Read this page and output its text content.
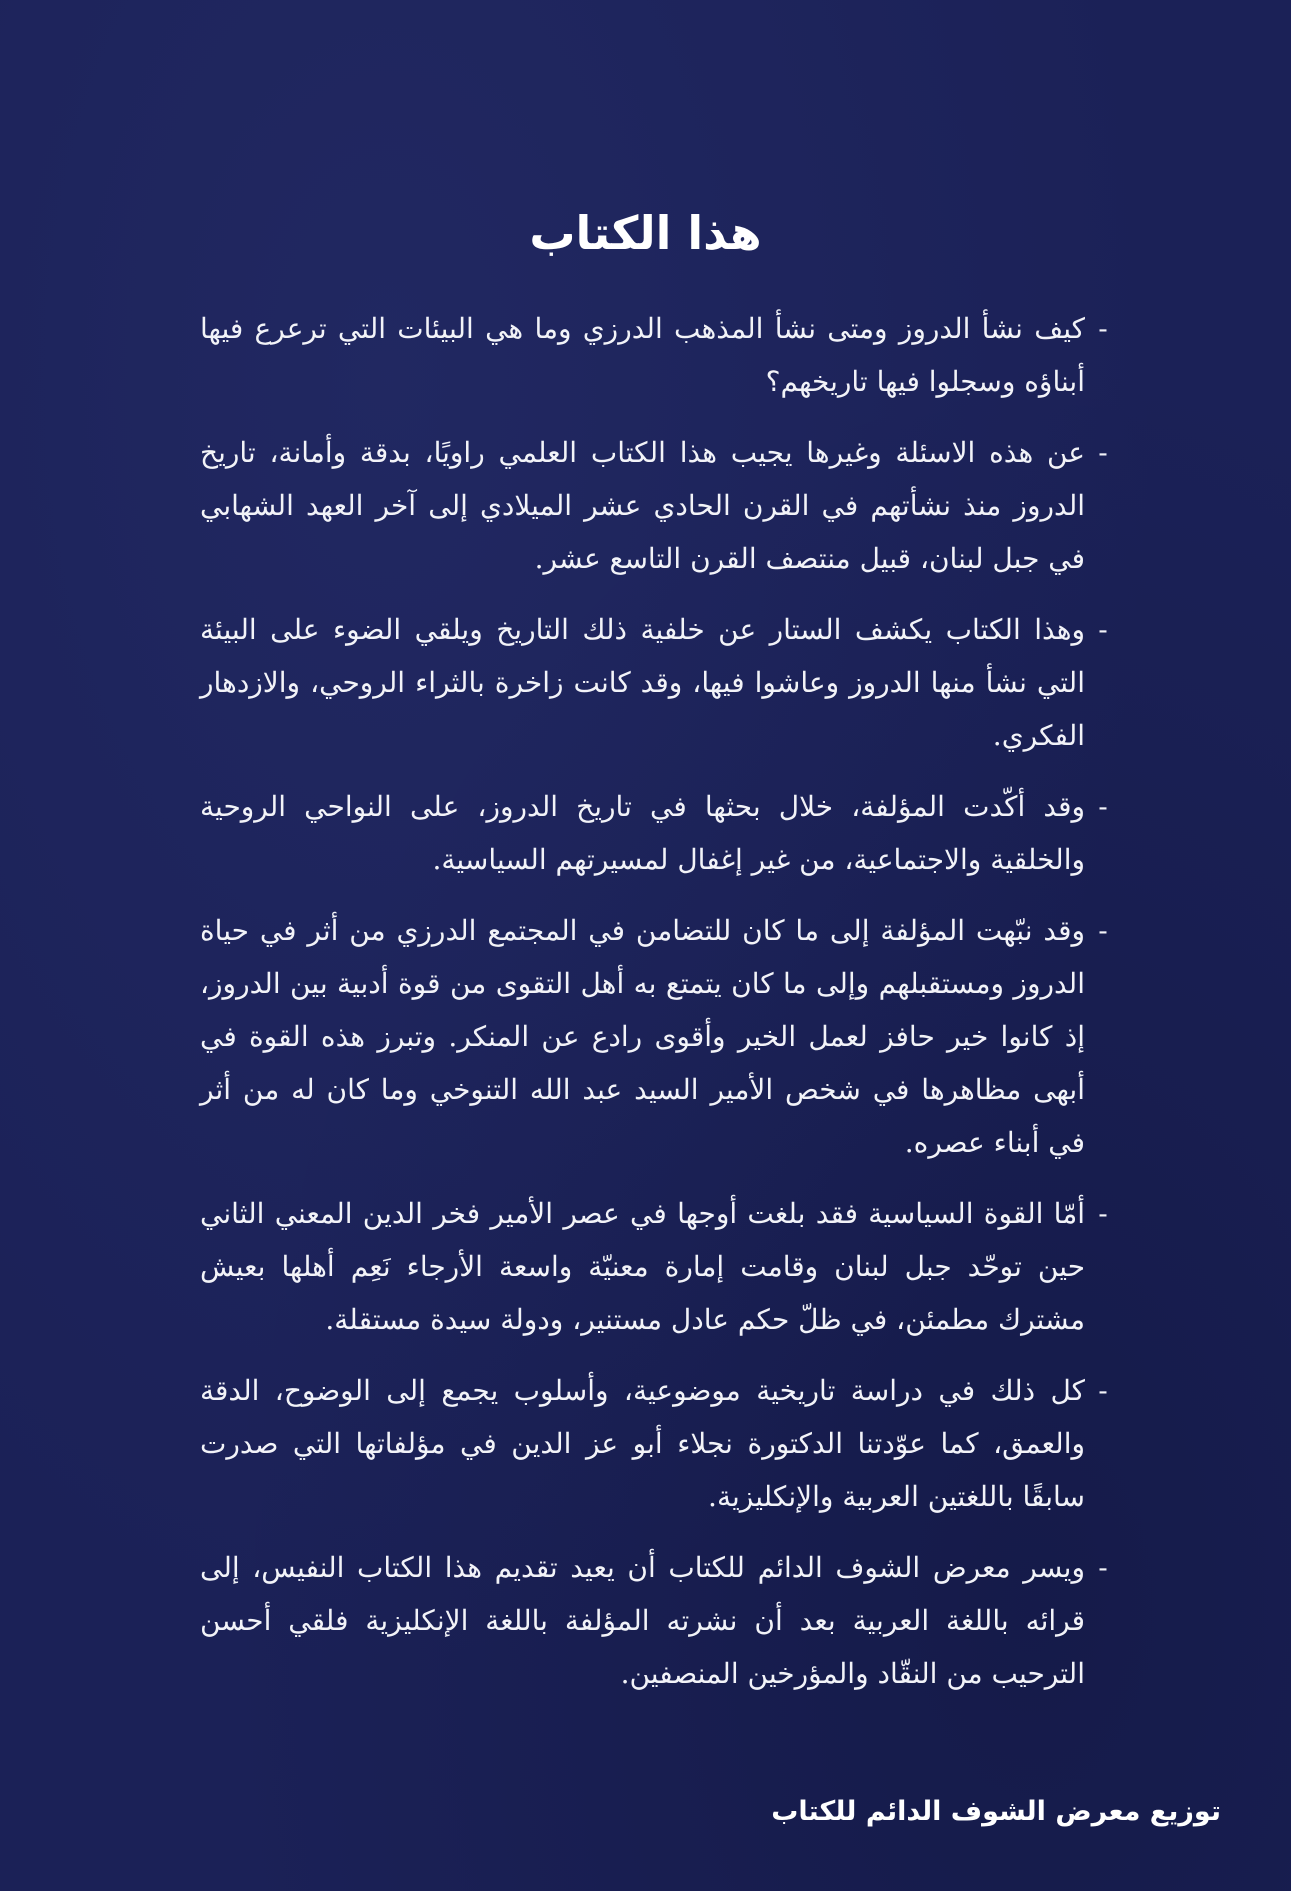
هذا الكتاب

-
كيف نشأ الدروز ومتى نشأ المذهب الدرزي وما هي البيئات التي ترعرع فيها أبناؤه وسجلوا فيها تاريخهم؟

-
عن هذه الاسئلة وغيرها يجيب هذا الكتاب العلمي راويًا، بدقة وأمانة، تاريخ الدروز منذ نشأتهم في القرن الحادي عشر الميلادي إلى آخر العهد الشهابي في جبل لبنان، قبيل منتصف القرن التاسع عشر.

-
وهذا الكتاب يكشف الستار عن خلفية ذلك التاريخ ويلقي الضوء على البيئة التي نشأ منها الدروز وعاشوا فيها، وقد كانت زاخرة بالثراء الروحي، والازدهار الفكري.

-
وقد أكّدت المؤلفة، خلال بحثها في تاريخ الدروز، على النواحي الروحية والخلقية والاجتماعية، من غير إغفال لمسيرتهم السياسية.

-
وقد نبّهت المؤلفة إلى ما كان للتضامن في المجتمع الدرزي من أثر في حياة الدروز ومستقبلهم وإلى ما كان يتمتع به أهل التقوى من قوة أدبية بين الدروز، إذ كانوا خير حافز لعمل الخير وأقوى رادع عن المنكر. وتبرز هذه القوة في أبهى مظاهرها في شخص الأمير السيد عبد الله التنوخي وما كان له من أثر في أبناء عصره.

-
أمّا القوة السياسية فقد بلغت أوجها في عصر الأمير فخر الدين المعني الثاني حين توحّد جبل لبنان وقامت إمارة معنيّة واسعة الأرجاء نَعِم أهلها بعيش مشترك مطمئن، في ظلّ حكم عادل مستنير، ودولة سيدة مستقلة.

-
كل ذلك في دراسة تاريخية موضوعية، وأسلوب يجمع إلى الوضوح، الدقة والعمق، كما عوّدتنا الدكتورة نجلاء أبو عز الدين في مؤلفاتها التي صدرت سابقًا باللغتين العربية والإنكليزية.

-
ويسر معرض الشوف الدائم للكتاب أن يعيد تقديم هذا الكتاب النفيس، إلى قرائه باللغة العربية بعد أن نشرته المؤلفة باللغة الإنكليزية فلقي أحسن الترحيب من النقّاد والمؤرخين المنصفين.

توزيع معرض الشوف الدائم للكتاب
